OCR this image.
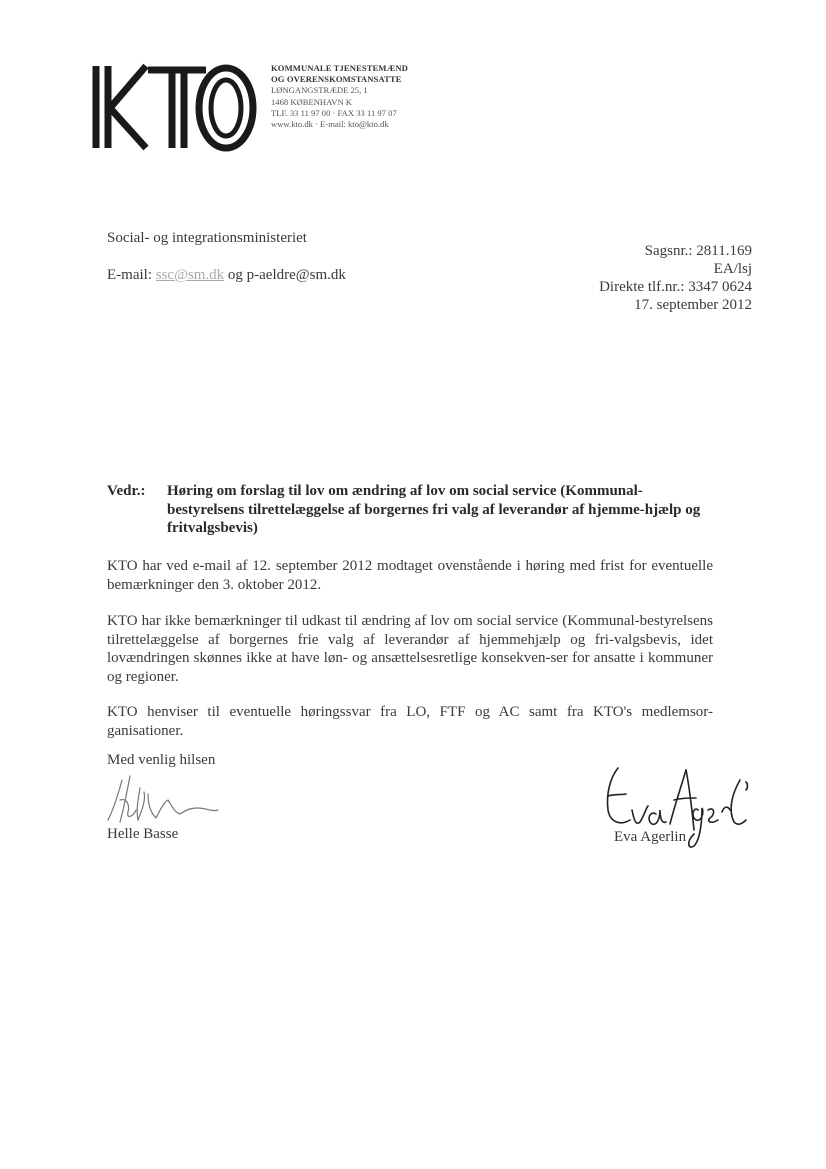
KOMMUNALE TJENESTEMÆND
OG OVERENSKOMSTANSATTE
LØNGANGSTRÆDE 25, 1
1468 KØBENHAVN K
TLF. 33 11 97 00 · FAX 33 11 97 07
www.kto.dk · E-mail: kto@kto.dk
Social- og integrationsministeriet
E-mail: ssc@sm.dk og p-aeldre@sm.dk
Sagsnr.: 2811.169
EA/lsj
Direkte tlf.nr.: 3347 0624
17. september 2012
Vedr.: Høring om forslag til lov om ændring af lov om social service (Kommunal-bestyrelsens tilrettelæggelse af borgernes fri valg af leverandør af hjemme-hjælp og fritvalgsbevis)
KTO har ved e-mail af 12. september 2012 modtaget ovenstående i høring med frist for eventuelle bemærkninger den 3. oktober 2012.
KTO har ikke bemærkninger til udkast til ændring af lov om social service (Kommunal-bestyrelsens tilrettelæggelse af borgernes frie valg af leverandør af hjemmehjælp og fri-valgsbevis, idet lovændringen skønnes ikke at have løn- og ansættelsesretlige konsekven-ser for ansatte i kommuner og regioner.
KTO henviser til eventuelle høringssvar fra LO, FTF og AC samt fra KTO's medlemsor-ganisationer.
Med venlig hilsen
Helle Basse	Eva Agerlin
